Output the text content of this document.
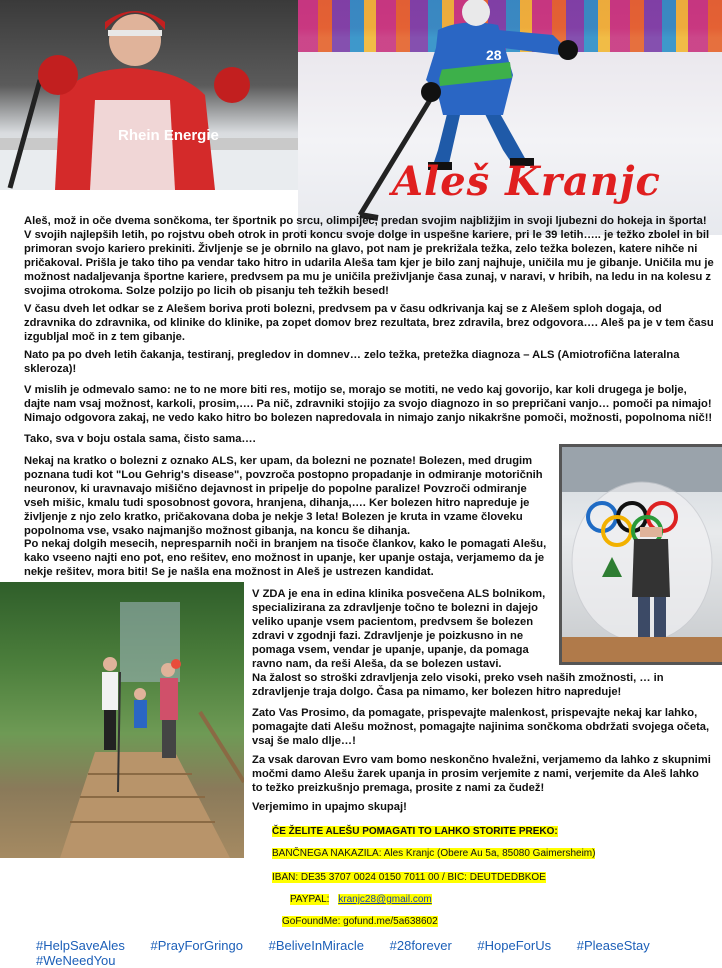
Rhein Energie
28
Aleš Kranjc

Aleš, mož in oče dvema sončkoma, ter športnik po srcu, olimpijec, predan svojim najbližjim in svoji ljubezni do hokeja in športa! V svojih najlepših letih, po rojstvu obeh otrok in proti koncu svoje dolge in uspešne kariere, pri le 39 letih….. je težko zbolel in bil primoran svojo kariero prekiniti. Življenje se je obrnilo na glavo, pot nam je prekrižala težka, zelo težka bolezen, katere nihče ni pričakoval. Prišla je tako tiho pa vendar tako hitro in udarila Aleša tam kjer je bilo zanj najhuje, uničila mu je gibanje. Uničila mu je možnost nadaljevanja športne kariere, predvsem pa mu je uničila preživljanje časa zunaj, v naravi, v hribih, na ledu in na kolesu z svojima otrokoma. Solze polzijo po licih ob pisanju teh težkih besed!

V času dveh let odkar se z Alešem boriva proti bolezni, predvsem pa v času odkrivanja kaj se z Alešem sploh dogaja, od zdravnika do zdravnika, od klinike do klinike, pa zopet domov brez rezultata, brez zdravila, brez odgovora…. Aleš pa je v tem času izgubljal moč in z tem gibanje.

Nato pa po dveh letih čakanja, testiranj, pregledov in domnev… zelo težka, pretežka diagnoza – ALS (Amiotrofična lateralna skleroza)!

V mislih je odmevalo samo: ne to ne more biti res, motijo se, morajo se motiti, ne vedo kaj govorijo, kar koli drugega je bolje, dajte nam vsaj možnost, karkoli, prosim,…. Pa nič, zdravniki stojijo za svojo diagnozo in so prepričani vanjo… pomoči pa nimajo! Nimajo odgovora zakaj, ne vedo kako hitro bo bolezen napredovala in nimajo zanjo nikakršne pomoči, možnosti, popolnoma nič!!

Tako, sva v boju ostala sama, čisto sama….

Nekaj na kratko o bolezni z oznako ALS, ker upam, da bolezni ne poznate! Bolezen, med drugim poznana tudi kot "Lou Gehrig's disease", povzroča postopno propadanje in odmiranje motoričnih neuronov, ki uravnavajo mišično dejavnost in pripelje do popolne paralize! Povzroči odmiranje vseh mišic, kmalu tudi sposobnost govora, hranjena, dihanja,…. Ker bolezen hitro napreduje je življenje z njo zelo kratko, pričakovana doba je nekje 3 leta! Bolezen je kruta in vzame človeku popolnoma vse, vsako najmanjšo možnost gibanja, na koncu še dihanja.

Po nekaj dolgih mesecih, nepresparnih noči in branjem na tisoče člankov, kako le pomagati Alešu, kako vseeno najti eno pot, eno rešitev, eno možnost in upanje, ker upanje ostaja, verjamemo da je nekje rešitev, mora biti! Se je našla ena možnost in Aleš je ustrezen kandidat.

V ZDA je ena in edina klinika posvečena ALS bolnikom, specializirana za zdravljenje točno te bolezni in dajejo veliko upanje vsem pacientom, predvsem še bolezen zdravi v zgodnji fazi. Zdravljenje je poizkusno in ne pomaga vsem, vendar je upanje, upanje, da pomaga ravno nam, da reši Aleša, da se bolezen ustavi.

Na žalost so stroški zdravljenja zelo visoki, preko vseh naših zmožnosti, … in zdravljenje traja dolgo. Časa pa nimamo, ker bolezen hitro napreduje!

Zato Vas Prosimo, da pomagate, prispevajte malenkost, prispevajte nekaj kar lahko, pomagajte dati Alešu možnost, pomagajte najinima sončkoma obdržati svojega očeta, vsaj še malo dlje…!

Za vsak darovan Evro vam bomo neskončno hvaležni, verjamemo da lahko z skupnimi močmi damo Alešu žarek upanja in prosim verjemite z nami, verjemite da Aleš lahko to težko preizkušnjo premaga, prosite z nami za čudež!

Verjemimo in upajmo skupaj!

ČE ŽELITE ALEŠU POMAGATI TO LAHKO STORITE PREKO:
BANČNEGA NAKAZILA: Ales Kranjc (Obere Au 5a, 85080 Gaimersheim)
IBAN: DE35 3707 0024 0150 7011 00 / BIC: DEUTDEDBKOE
PAYPAL: kranjc28@gmail.com
GoFoundMe: gofund.me/5a638602
#HelpSaveAles #PrayForGringo #BeliveInMiracle #28forever #HopeForUs #PleaseStay #WeNeedYou
